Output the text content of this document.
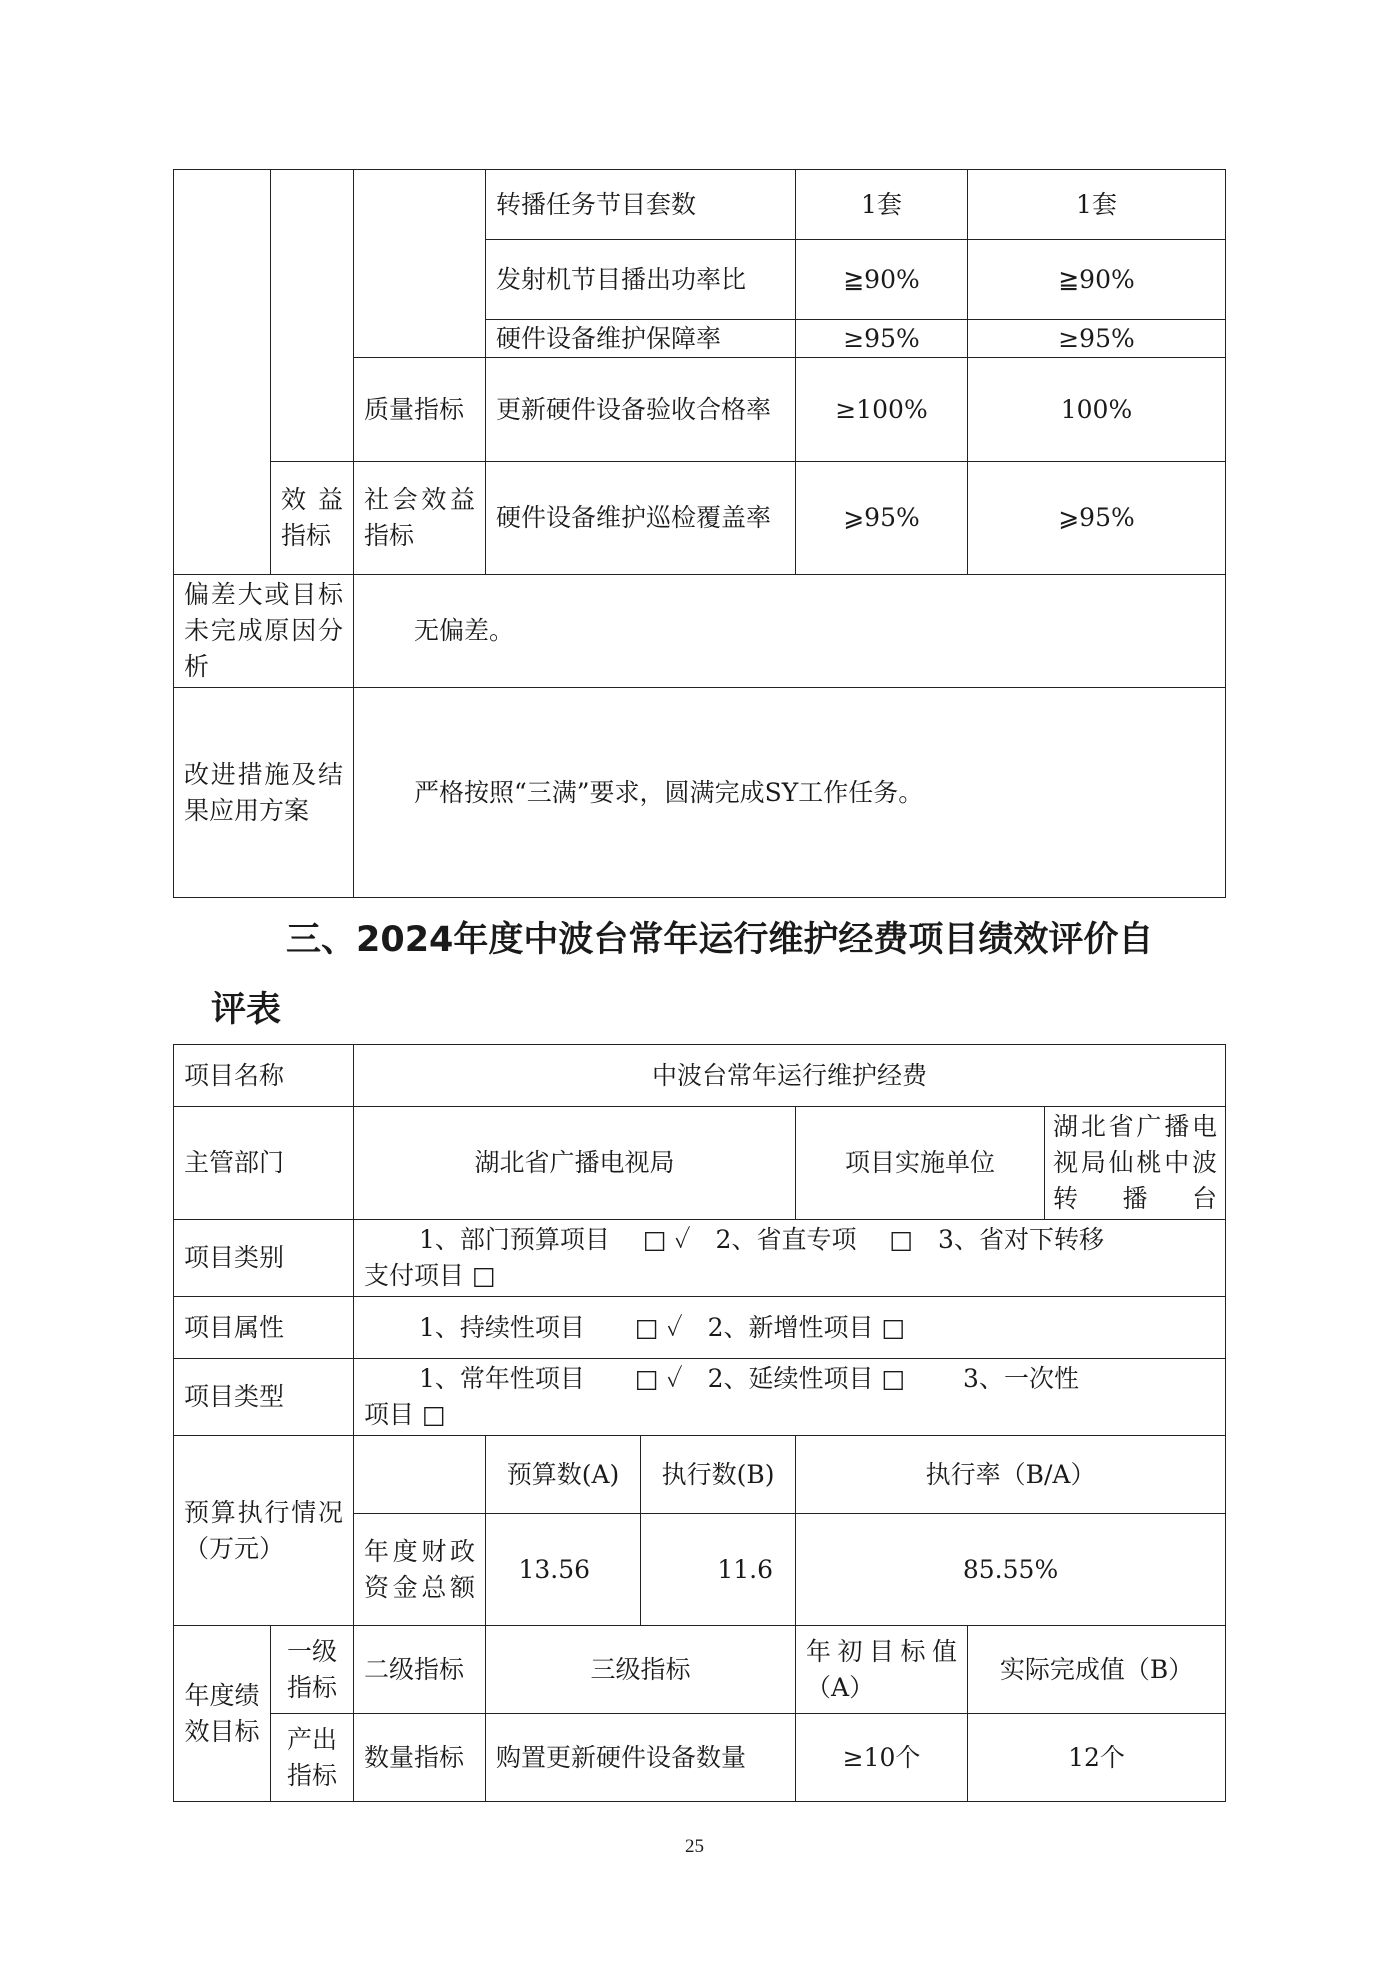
			转播任务节目套数	1套	1套
			发射机节目播出功率比	≧90%	≧90%
			硬件设备维护保障率	≥95%	≥95%
		质量指标	更新硬件设备验收合格率	≥100%	100%
	效益指标	社会效益指标	硬件设备维护巡检覆盖率	⩾95%	⩾95%
偏差大或目标未完成原因分析		无偏差。			
改进措施及结果应用方案		严格按照“三满”要求，圆满完成SY工作任务。			
三、2024年度中波台常年运行维护经费项目绩效评价自
评表
项目名称		中波台常年运行维护经费					
主管部门		湖北省广播电视局			项目实施单位		湖北省广播电视局仙桃中波转播台
项目类别		1、部门预算项目　 □ ✓　2、省直专项　 □　3、省对下转移
支付项目 □					

项目属性		1、持续性项目　　□ ✓　2、新增性项目 □					
项目类型		1、常年性项目　　□ ✓　2、延续性项目 □　　 3、一次性
项目 □					

预算执行情况（万元）			预算数(A)	执行数(B)	执行率（B/A）		
		年度财政资金总额	13.56	11.6	85.55%		
年度绩效目标	一级指标	二级指标	三级指标		年初目标值（A）	实际完成值（B）	
	产出指标	数量指标	购置更新硬件设备数量		≥10个	12个	
25
